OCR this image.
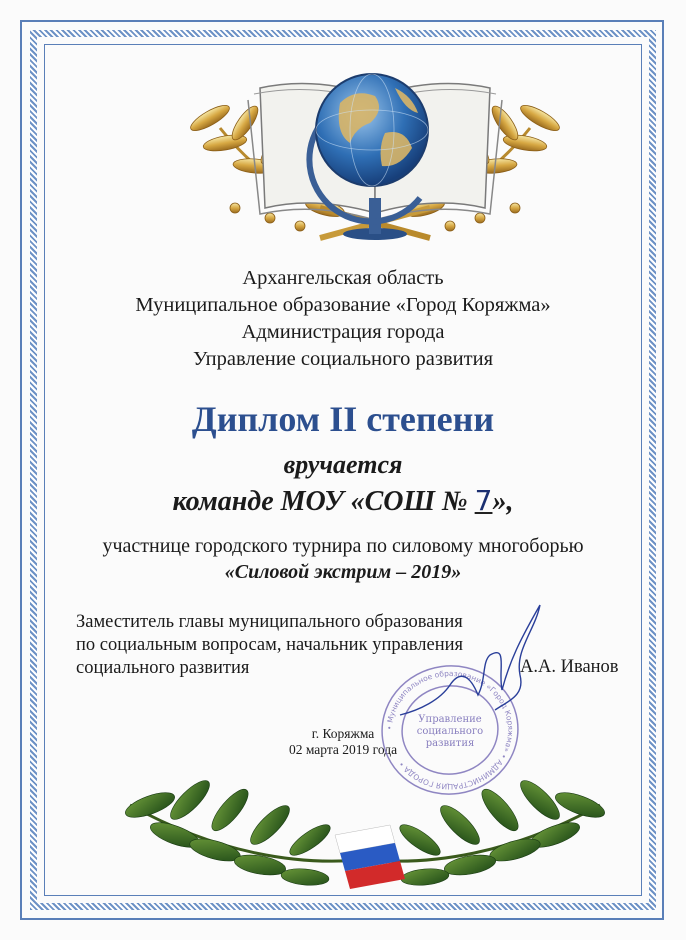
Архангельская область
Муниципальное образование «Город Коряжма»
Администрация города
Управление социального развития
Диплом II степени
вручается
команде МОУ «СОШ № 7»,
участнице городского турнира по силовому многоборью
«Силовой экстрим – 2019»
Заместитель главы муниципального образования
по социальным вопросам, начальник управления
социального развития	А.А. Иванов
г. Коряжма
02 марта 2019 года
• Муниципальное образование «Город Коряжма» • АДМИНИСТРАЦИЯ ГОРОДА •
Управление
социального
развития
